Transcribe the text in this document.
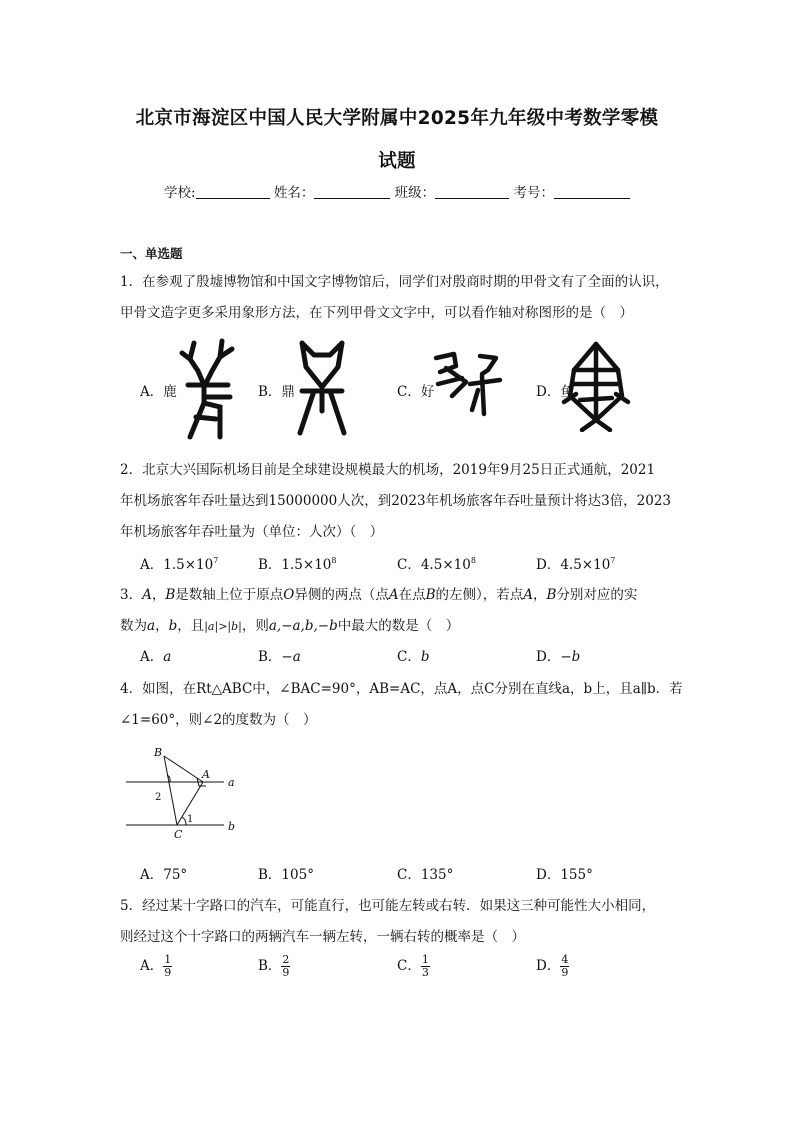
北京市海淀区中国人民大学附属中2025年九年级中考数学零模
试题
学校:	姓名：	班级：	考号：
一、单选题
1．在参观了殷墟博物馆和中国文字博物馆后，同学们对殷商时期的甲骨文有了全面的认识，
甲骨文造字更多采用象形方法，在下列甲骨文文字中，可以看作轴对称图形的是（　）
A．鹿	B．鼎	C．好	D．鱼
2．北京大兴国际机场目前是全球建设规模最大的机场，2019年9月25日正式通航，2021
年机场旅客年吞吐量达到15000000人次，到2023年机场旅客年吞吐量预计将达3倍，2023
年机场旅客年吞吐量为（单位：人次）（　）
A．$1.5\times 10^7$	B．$1.5\times 10^8$	C．$4.5\times 10^8$	D．$4.5\times 10^7$
3．A，B是数轴上位于原点O异侧的两点（点A在点B的左侧），若点A，B分别对应的实
数为a，b，且|a|>|b|，则a,−a,b,−b中最大的数是（　）
A．a	B．−a	C．b	D．−b
4．如图，在Rt△ABC中，∠BAC=90°，AB=AC，点A，点C分别在直线a，b上，且a∥b．若
∠1=60°，则∠2的度数为（　）
B
A
C
a
b
1
2
A．75°	B．105°	C．135°	D．155°
5．经过某十字路口的汽车，可能直行，也可能左转或右转．如果这三种可能性大小相同，
则经过这个十字路口的两辆汽车一辆左转，一辆右转的概率是（　）
A． $\frac{1}{9}$	B． $\frac{2}{9}$	C． $\frac{1}{3}$	D． $\frac{4}{9}$
